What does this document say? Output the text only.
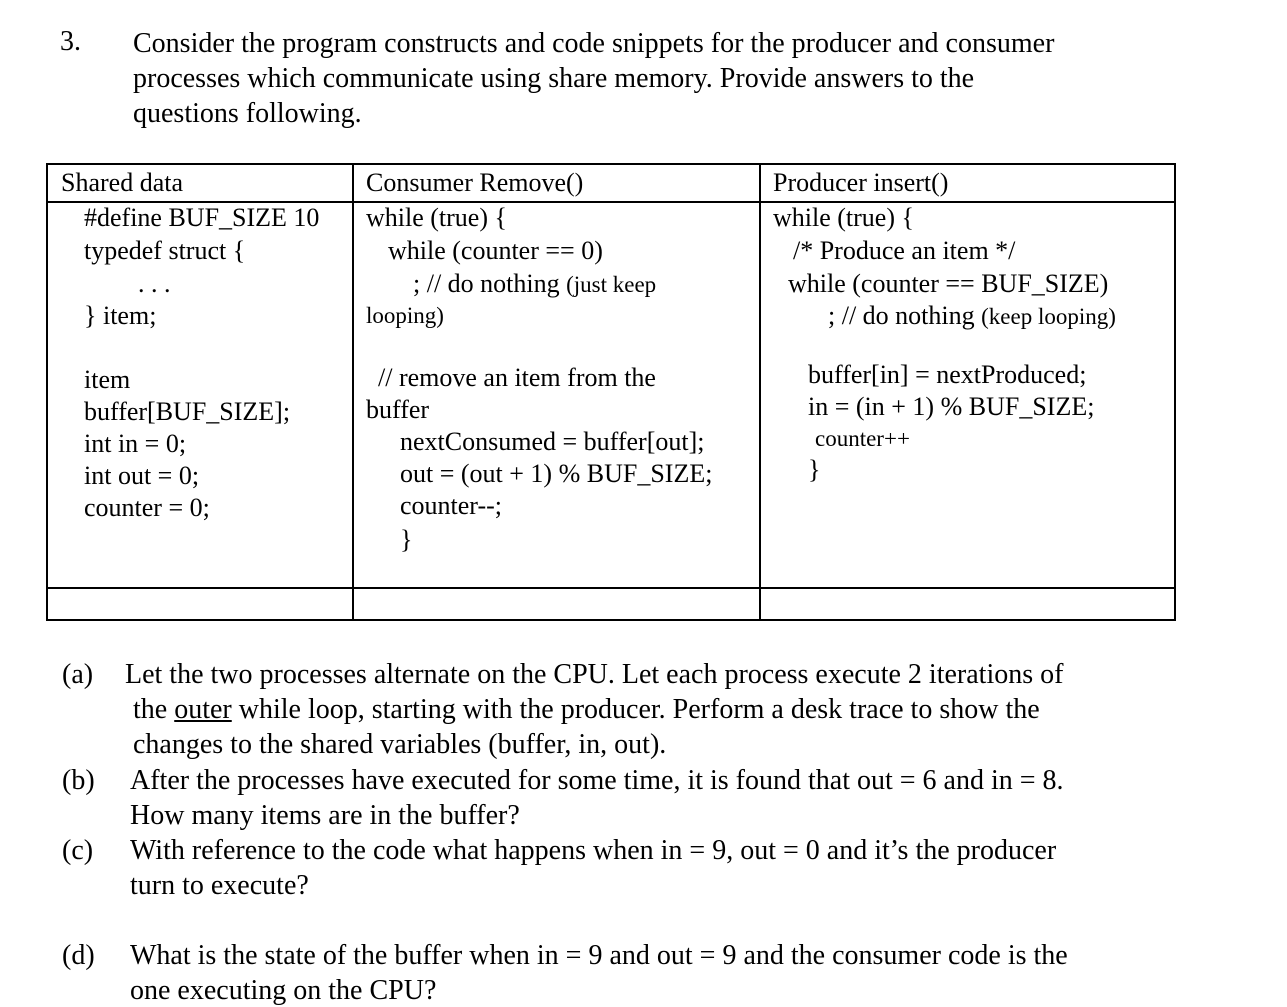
3. Consider the program constructs and code snippets for the producer and consumer
processes which communicate using share memory. Provide answers to the
questions following.
Shared data	Consumer Remove()	Producer insert()
#define BUF_SIZE 10
typedef struct {
. . .
} item;
item
buffer[BUF_SIZE];
int in = 0;
int out = 0;
counter = 0;
while (true) {
while (counter == 0)
; // do nothing (just keep
looping)
// remove an item from the
buffer
nextConsumed = buffer[out];
out = (out + 1) % BUF_SIZE;
counter--;
}
while (true) {
/* Produce an item */
while (counter == BUF_SIZE)
; // do nothing (keep looping)
buffer[in] = nextProduced;
in = (in + 1) % BUF_SIZE;
counter++
}
(a) Let the two processes alternate on the CPU. Let each process execute 2 iterations of
the outer while loop, starting with the producer. Perform a desk trace to show the
changes to the shared variables (buffer, in, out).
(b) After the processes have executed for some time, it is found that out = 6 and in = 8.
How many items are in the buffer?
(c) With reference to the code what happens when in = 9, out = 0 and it’s the producer
turn to execute?
(d) What is the state of the buffer when in = 9 and out = 9 and the consumer code is the
one executing on the CPU?
